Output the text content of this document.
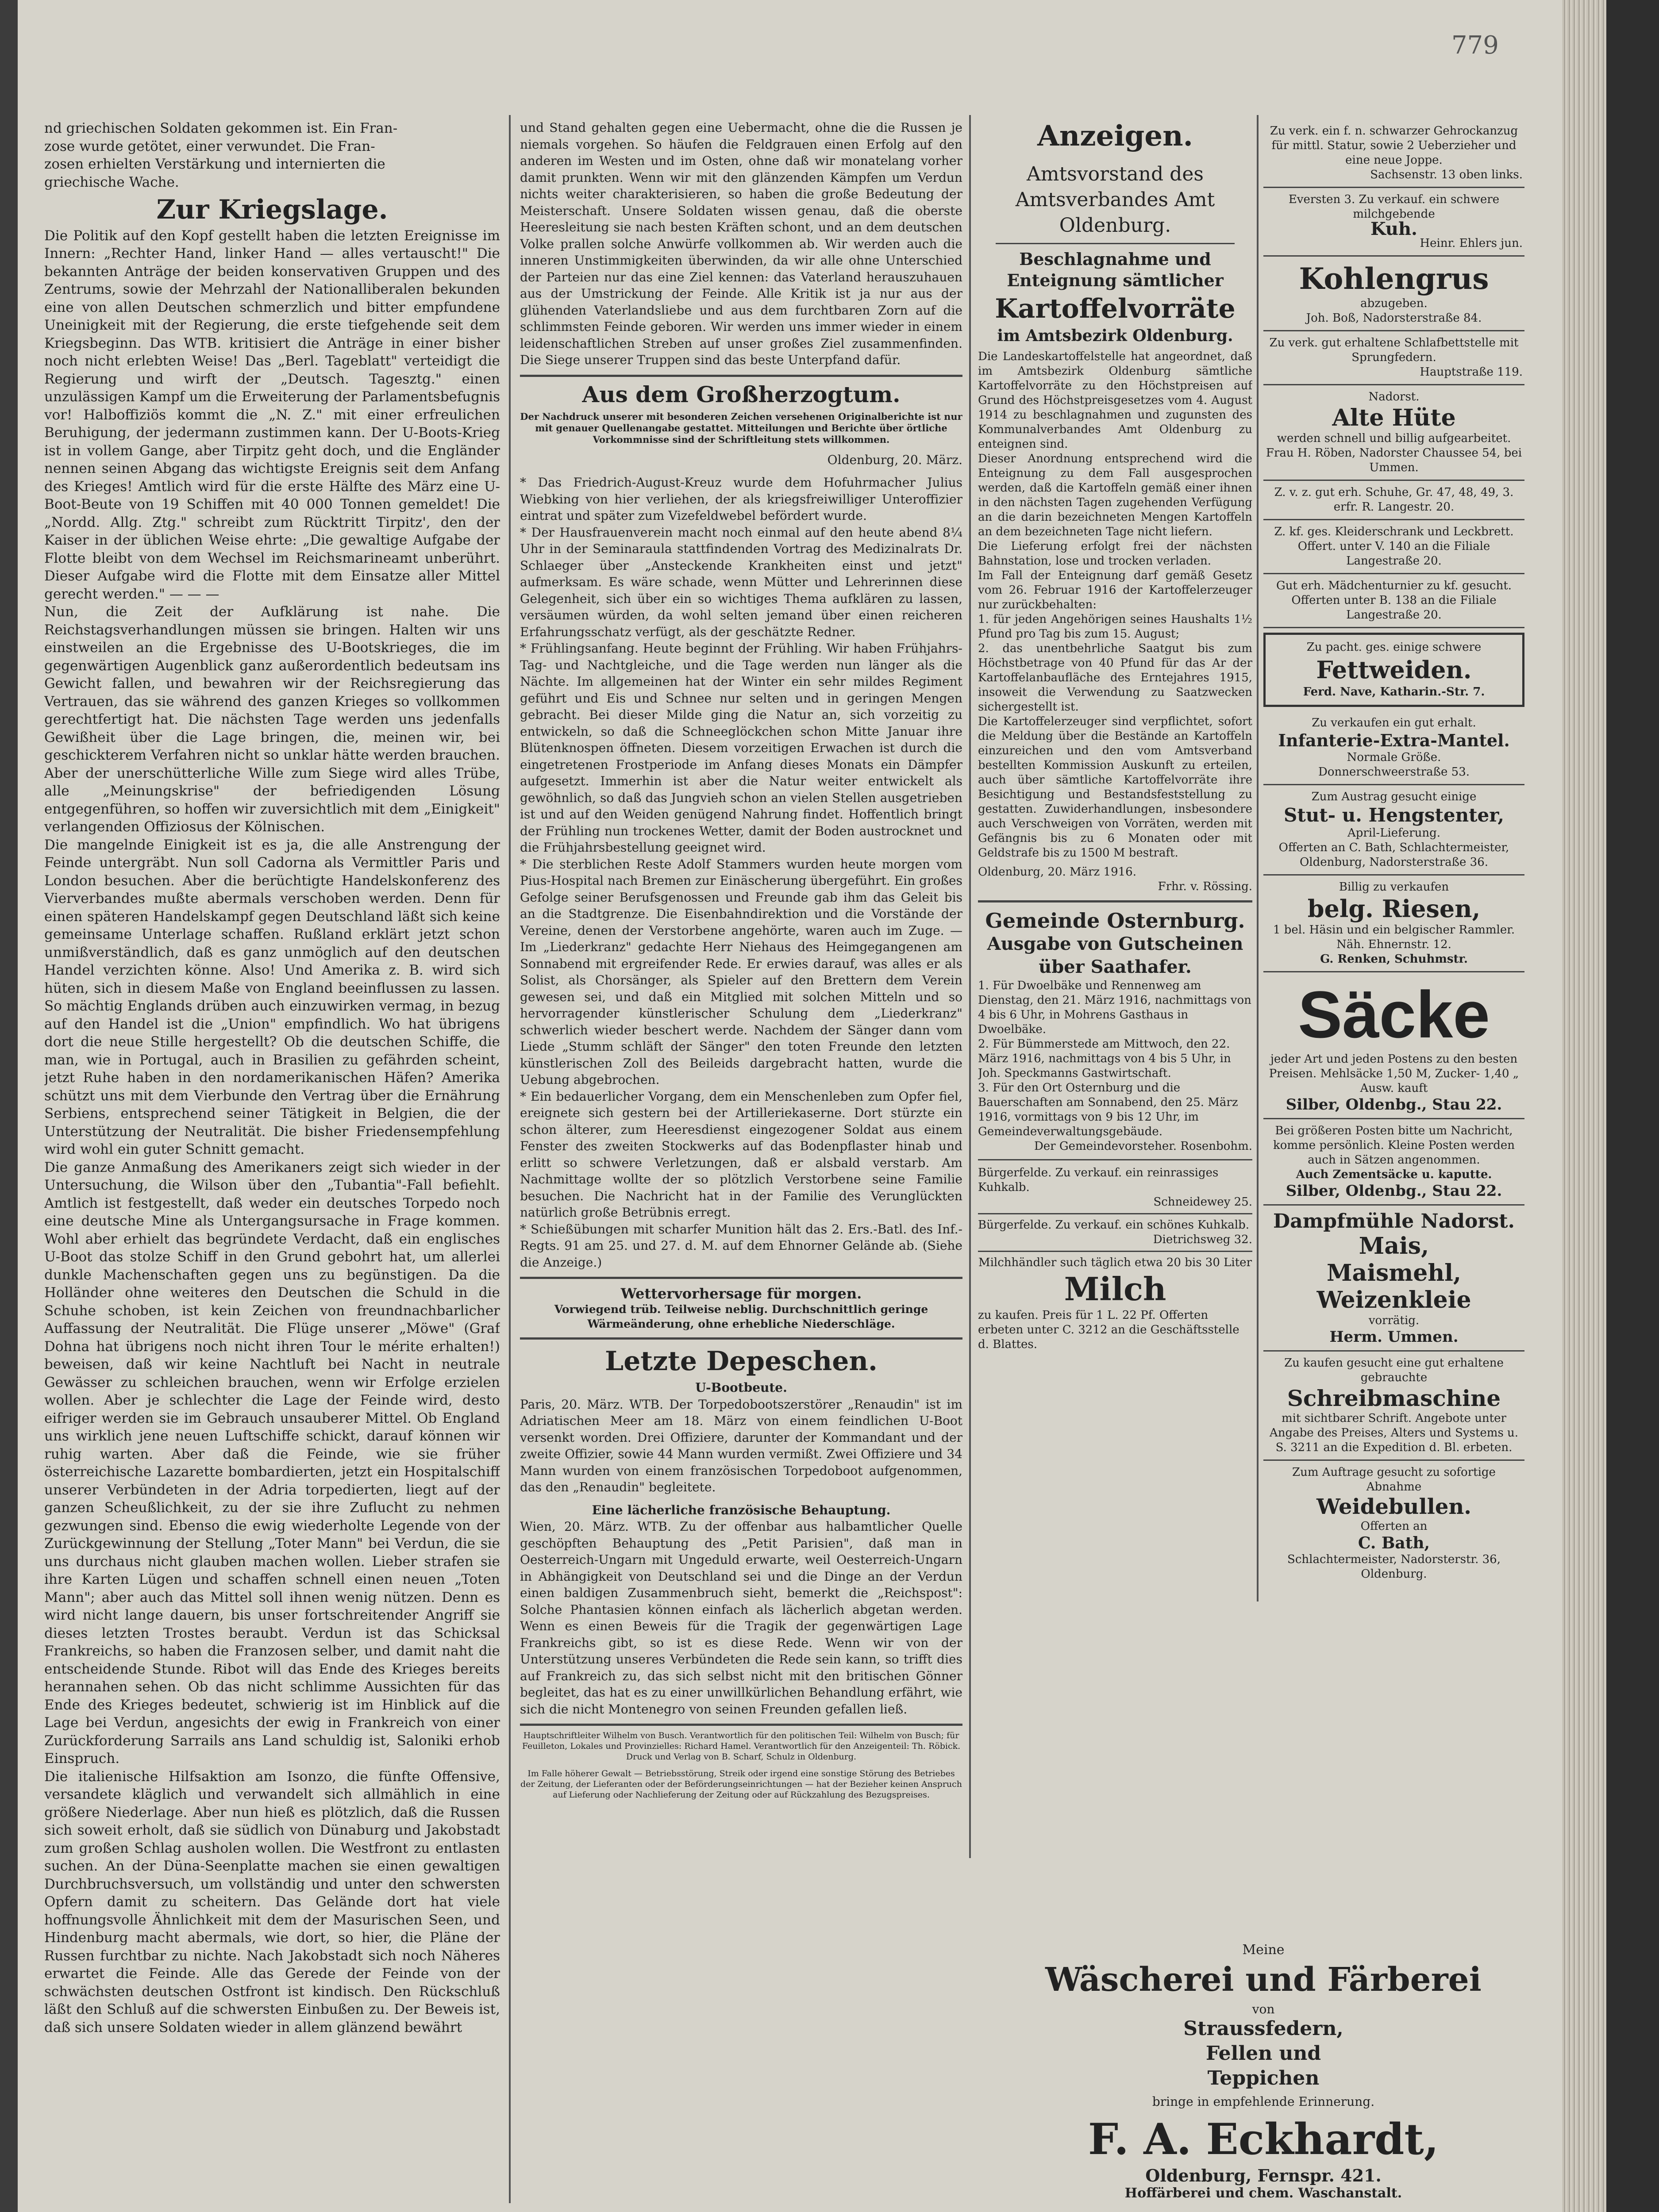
779

nd griechischen Soldaten gekommen ist. Ein Fran-
zose wurde getötet, einer verwundet. Die Fran-
zosen erhielten Verstärkung und internierten die
griechische Wache.

Zur Kriegslage.
Die Politik auf den Kopf gestellt haben die letzten Ereignisse im Innern: „Rechter Hand, linker Hand — alles vertauscht!" Die bekannten Anträge der beiden konservativen Gruppen und des Zentrums, sowie der Mehrzahl der Nationalliberalen bekunden eine von allen Deutschen schmerzlich und bitter empfundene Uneinigkeit mit der Regierung, die erste tiefgehende seit dem Kriegsbeginn. Das WTB. kritisiert die Anträge in einer bisher noch nicht erlebten Weise! Das „Berl. Tageblatt" verteidigt die Regierung und wirft der „Deutsch. Tagesztg." einen unzulässigen Kampf um die Erweiterung der Parlamentsbefugnis vor! Halboffiziös kommt die „N. Z." mit einer erfreulichen Beruhigung, der jedermann zustimmen kann. Der U-Boots-Krieg ist in vollem Gange, aber Tirpitz geht doch, und die Engländer nennen seinen Abgang das wichtigste Ereignis seit dem Anfang des Krieges! Amtlich wird für die erste Hälfte des März eine U-Boot-Beute von 19 Schiffen mit 40 000 Tonnen gemeldet! Die „Nordd. Allg. Ztg." schreibt zum Rücktritt Tirpitz', den der Kaiser in der üblichen Weise ehrte: „Die gewaltige Aufgabe der Flotte bleibt von dem Wechsel im Reichsmarineamt unberührt. Dieser Aufgabe wird die Flotte mit dem Einsatze aller Mittel gerecht werden." — — —
Nun, die Zeit der Aufklärung ist nahe. Die Reichstagsverhandlungen müssen sie bringen. Halten wir uns einstweilen an die Ergebnisse des U-Bootskrieges, die im gegenwärtigen Augenblick ganz außerordentlich bedeutsam ins Gewicht fallen, und bewahren wir der Reichsregierung das Vertrauen, das sie während des ganzen Krieges so vollkommen gerechtfertigt hat. Die nächsten Tage werden uns jedenfalls Gewißheit über die Lage bringen, die, meinen wir, bei geschickterem Verfahren nicht so unklar hätte werden brauchen. Aber der unerschütterliche Wille zum Siege wird alles Trübe, alle „Meinungskrise" der befriedigenden Lösung entgegenführen, so hoffen wir zuversichtlich mit dem „Einigkeit" verlangenden Offiziosus der Kölnischen.
Die mangelnde Einigkeit ist es ja, die alle Anstrengung der Feinde untergräbt. Nun soll Cadorna als Vermittler Paris und London besuchen. Aber die berüchtigte Handelskonferenz des Vierverbandes mußte abermals verschoben werden. Denn für einen späteren Handelskampf gegen Deutschland läßt sich keine gemeinsame Unterlage schaffen. Rußland erklärt jetzt schon unmißverständlich, daß es ganz unmöglich auf den deutschen Handel verzichten könne. Also! Und Amerika z. B. wird sich hüten, sich in diesem Maße von England beeinflussen zu lassen. So mächtig Englands drüben auch einzuwirken vermag, in bezug auf den Handel ist die „Union" empfindlich. Wo hat übrigens dort die neue Stille hergestellt? Ob die deutschen Schiffe, die man, wie in Portugal, auch in Brasilien zu gefährden scheint, jetzt Ruhe haben in den nordamerikanischen Häfen? Amerika schützt uns mit dem Vierbunde den Vertrag über die Ernährung Serbiens, entsprechend seiner Tätigkeit in Belgien, die der Unterstützung der Neutralität. Die bisher Friedensempfehlung wird wohl ein guter Schnitt gemacht.
Die ganze Anmaßung des Amerikaners zeigt sich wieder in der Untersuchung, die Wilson über den „Tubantia"-Fall befiehlt. Amtlich ist festgestellt, daß weder ein deutsches Torpedo noch eine deutsche Mine als Untergangsursache in Frage kommen. Wohl aber erhielt das begründete Verdacht, daß ein englisches U-Boot das stolze Schiff in den Grund gebohrt hat, um allerlei dunkle Machenschaften gegen uns zu begünstigen. Da die Holländer ohne weiteres den Deutschen die Schuld in die Schuhe schoben, ist kein Zeichen von freundnachbarlicher Auffassung der Neutralität. Die Flüge unserer „Möwe" (Graf Dohna hat übrigens noch nicht ihren Tour le mérite erhalten!) beweisen, daß wir keine Nachtluft bei Nacht in neutrale Gewässer zu schleichen brauchen, wenn wir Erfolge erzielen wollen. Aber je schlechter die Lage der Feinde wird, desto eifriger werden sie im Gebrauch unsauberer Mittel. Ob England uns wirklich jene neuen Luftschiffe schickt, darauf können wir ruhig warten. Aber daß die Feinde, wie sie früher österreichische Lazarette bombardierten, jetzt ein Hospitalschiff unserer Verbündeten in der Adria torpedierten, liegt auf der ganzen Scheußlichkeit, zu der sie ihre Zuflucht zu nehmen gezwungen sind. Ebenso die ewig wiederholte Legende von der Zurückgewinnung der Stellung „Toter Mann" bei Verdun, die sie uns durchaus nicht glauben machen wollen. Lieber strafen sie ihre Karten Lügen und schaffen schnell einen neuen „Toten Mann"; aber auch das Mittel soll ihnen wenig nützen. Denn es wird nicht lange dauern, bis unser fortschreitender Angriff sie dieses letzten Trostes beraubt. Verdun ist das Schicksal Frankreichs, so haben die Franzosen selber, und damit naht die entscheidende Stunde. Ribot will das Ende des Krieges bereits herannahen sehen. Ob das nicht schlimme Aussichten für das Ende des Krieges bedeutet, schwierig ist im Hinblick auf die Lage bei Verdun, angesichts der ewig in Frankreich von einer Zurückforderung Sarrails ans Land schuldig ist, Saloniki erhob Einspruch.
Die italienische Hilfsaktion am Isonzo, die fünfte Offensive, versandete kläglich und verwandelt sich allmählich in eine größere Niederlage. Aber nun hieß es plötzlich, daß die Russen sich soweit erholt, daß sie südlich von Dünaburg und Jakobstadt zum großen Schlag ausholen wollen. Die Westfront zu entlasten suchen. An der Düna-Seenplatte machen sie einen gewaltigen Durchbruchsversuch, um vollständig und unter den schwersten Opfern damit zu scheitern. Das Gelände dort hat viele hoffnungsvolle Ähnlichkeit mit dem der Masurischen Seen, und Hindenburg macht abermals, wie dort, so hier, die Pläne der Russen furchtbar zu nichte. Nach Jakobstadt sich noch Näheres erwartet die Feinde. Alle das Gerede der Feinde von der schwächsten deutschen Ostfront ist kindisch. Den Rückschluß läßt den Schluß auf die schwersten Einbußen zu. Der Beweis ist, daß sich unsere Soldaten wieder in allem glänzend bewährt

und Stand gehalten gegen eine Uebermacht, ohne die die Russen je niemals vorgehen. So häufen die Feldgrauen einen Erfolg auf den anderen im Westen und im Osten, ohne daß wir monatelang vorher damit prunkten. Wenn wir mit den glänzenden Kämpfen um Verdun nichts weiter charakterisieren, so haben die große Bedeutung der Meisterschaft. Unsere Soldaten wissen genau, daß die oberste Heeresleitung sie nach besten Kräften schont, und an dem deutschen Volke prallen solche Anwürfe vollkommen ab. Wir werden auch die inneren Unstimmigkeiten überwinden, da wir alle ohne Unterschied der Parteien nur das eine Ziel kennen: das Vaterland herauszuhauen aus der Umstrickung der Feinde. Alle Kritik ist ja nur aus der glühenden Vaterlandsliebe und aus dem furchtbaren Zorn auf die schlimmsten Feinde geboren. Wir werden uns immer wieder in einem leidenschaftlichen Streben auf unser großes Ziel zusammenfinden. Die Siege unserer Truppen sind das beste Unterpfand dafür.

Aus dem Großherzogtum.

Der Nachdruck unserer mit besonderen Zeichen versehenen Originalberichte ist nur mit genauer Quellenangabe gestattet. Mitteilungen und Berichte über örtliche Vorkommnisse sind der Schriftleitung stets willkommen.

Oldenburg, 20. März.

* Das Friedrich-August-Kreuz wurde dem Hofuhrmacher Julius Wiebking von hier verliehen, der als kriegsfreiwilliger Unteroffizier eintrat und später zum Vizefeldwebel befördert wurde.
* Der Hausfrauenverein macht noch einmal auf den heute abend 8¼ Uhr in der Seminaraula stattfindenden Vortrag des Medizinalrats Dr. Schlaeger über „Ansteckende Krankheiten einst und jetzt" aufmerksam. Es wäre schade, wenn Mütter und Lehrerinnen diese Gelegenheit, sich über ein so wichtiges Thema aufklären zu lassen, versäumen würden, da wohl selten jemand über einen reicheren Erfahrungsschatz verfügt, als der geschätzte Redner.
* Frühlingsanfang. Heute beginnt der Frühling. Wir haben Frühjahrs-Tag- und Nachtgleiche, und die Tage werden nun länger als die Nächte. Im allgemeinen hat der Winter ein sehr mildes Regiment geführt und Eis und Schnee nur selten und in geringen Mengen gebracht. Bei dieser Milde ging die Natur an, sich vorzeitig zu entwickeln, so daß die Schneeglöckchen schon Mitte Januar ihre Blütenknospen öffneten. Diesem vorzeitigen Erwachen ist durch die eingetretenen Frostperiode im Anfang dieses Monats ein Dämpfer aufgesetzt. Immerhin ist aber die Natur weiter entwickelt als gewöhnlich, so daß das Jungvieh schon an vielen Stellen ausgetrieben ist und auf den Weiden genügend Nahrung findet. Hoffentlich bringt der Frühling nun trockenes Wetter, damit der Boden austrocknet und die Frühjahrsbestellung geeignet wird.
* Die sterblichen Reste Adolf Stammers wurden heute morgen vom Pius-Hospital nach Bremen zur Einäscherung übergeführt. Ein großes Gefolge seiner Berufsgenossen und Freunde gab ihm das Geleit bis an die Stadtgrenze. Die Eisenbahndirektion und die Vorstände der Vereine, denen der Verstorbene angehörte, waren auch im Zuge. — Im „Liederkranz" gedachte Herr Niehaus des Heimgegangenen am Sonnabend mit ergreifender Rede. Er erwies darauf, was alles er als Solist, als Chorsänger, als Spieler auf den Brettern dem Verein gewesen sei, und daß ein Mitglied mit solchen Mitteln und so hervorragender künstlerischer Schulung dem „Liederkranz" schwerlich wieder beschert werde. Nachdem der Sänger dann vom Liede „Stumm schläft der Sänger" den toten Freunde den letzten künstlerischen Zoll des Beileids dargebracht hatten, wurde die Uebung abgebrochen.
* Ein bedauerlicher Vorgang, dem ein Menschenleben zum Opfer fiel, ereignete sich gestern bei der Artilleriekaserne. Dort stürzte ein schon älterer, zum Heeresdienst eingezogener Soldat aus einem Fenster des zweiten Stockwerks auf das Bodenpflaster hinab und erlitt so schwere Verletzungen, daß er alsbald verstarb. Am Nachmittage wollte der so plötzlich Verstorbene seine Familie besuchen. Die Nachricht hat in der Familie des Verunglückten natürlich große Betrübnis erregt.
* Schießübungen mit scharfer Munition hält das 2. Ers.-Batl. des Inf.-Regts. 91 am 25. und 27. d. M. auf dem Ehnorner Gelände ab. (Siehe die Anzeige.)
Wettervorhersage für morgen.

Vorwiegend trüb. Teilweise neblig. Durchschnittlich geringe Wärmeänderung, ohne erhebliche Niederschläge.

Letzte Depeschen.
U-Bootbeute.

Paris, 20. März. WTB. Der Torpedobootszerstörer „Renaudin" ist im Adriatischen Meer am 18. März von einem feindlichen U-Boot versenkt worden. Drei Offiziere, darunter der Kommandant und der zweite Offizier, sowie 44 Mann wurden vermißt. Zwei Offiziere und 34 Mann wurden von einem französischen Torpedoboot aufgenommen, das den „Renaudin" begleitete.

Eine lächerliche französische Behauptung.

Wien, 20. März. WTB. Zu der offenbar aus halbamtlicher Quelle geschöpften Behauptung des „Petit Parisien", daß man in Oesterreich-Ungarn mit Ungeduld erwarte, weil Oesterreich-Ungarn in Abhängigkeit von Deutschland sei und die Dinge an der Verdun einen baldigen Zusammenbruch sieht, bemerkt die „Reichspost": Solche Phantasien können einfach als lächerlich abgetan werden. Wenn es einen Beweis für die Tragik der gegenwärtigen Lage Frankreichs gibt, so ist es diese Rede. Wenn wir von der Unterstützung unseres Verbündeten die Rede sein kann, so trifft dies auf Frankreich zu, das sich selbst nicht mit den britischen Gönner begleitet, das hat es zu einer unwillkürlichen Behandlung erfährt, wie sich die nicht Montenegro von seinen Freunden gefallen ließ.

Hauptschriftleiter Wilhelm von Busch. Verantwortlich für den politischen Teil: Wilhelm von Busch; für Feuilleton, Lokales und Provinzielles: Richard Hamel. Verantwortlich für den Anzeigenteil: Th. Röbick. Druck und Verlag von B. Scharf, Schulz in Oldenburg.

Im Falle höherer Gewalt — Betriebsstörung, Streik oder irgend eine sonstige Störung des Betriebes der Zeitung, der Lieferanten oder der Beförderungseinrichtungen — hat der Bezieher keinen Anspruch auf Lieferung oder Nachlieferung der Zeitung oder auf Rückzahlung des Bezugspreises.

Anzeigen.
Amtsvorstand des Amtsverbandes Amt Oldenburg.
Beschlagnahme und Enteignung sämtlicher
Kartoffelvorräte
im Amtsbezirk Oldenburg.
Die Landeskartoffelstelle hat angeordnet, daß im Amtsbezirk Oldenburg sämtliche Kartoffelvorräte zu den Höchstpreisen auf Grund des Höchstpreisgesetzes vom 4. August 1914 zu beschlagnahmen und zugunsten des Kommunalverbandes Amt Oldenburg zu enteignen sind.
Dieser Anordnung entsprechend wird die Enteignung zu dem Fall ausgesprochen werden, daß die Kartoffeln gemäß einer ihnen in den nächsten Tagen zugehenden Verfügung an die darin bezeichneten Mengen Kartoffeln an dem bezeichneten Tage nicht liefern.
Die Lieferung erfolgt frei der nächsten Bahnstation, lose und trocken verladen.
Im Fall der Enteignung darf gemäß Gesetz vom 26. Februar 1916 der Kartoffelerzeuger nur zurückbehalten:
1. für jeden Angehörigen seines Haushalts 1½ Pfund pro Tag bis zum 15. August;
2. das unentbehrliche Saatgut bis zum Höchstbetrage von 40 Pfund für das Ar der Kartoffelanbaufläche des Erntejahres 1915, insoweit die Verwendung zu Saatzwecken sichergestellt ist.
Die Kartoffelerzeuger sind verpflichtet, sofort die Meldung über die Bestände an Kartoffeln einzureichen und den vom Amtsverband bestellten Kommission Auskunft zu erteilen, auch über sämtliche Kartoffelvorräte ihre Besichtigung und Bestandsfeststellung zu gestatten. Zuwiderhandlungen, insbesondere auch Verschweigen von Vorräten, werden mit Gefängnis bis zu 6 Monaten oder mit Geldstrafe bis zu 1500 M bestraft.
Oldenburg, 20. März 1916.
Frhr. v. Rössing.
Gemeinde Osternburg.
Ausgabe von Gutscheinen über Saathafer.
1. Für Dwoelbäke und Rennenweg am Dienstag, den 21. März 1916, nachmittags von 4 bis 6 Uhr, in Mohrens Gasthaus in Dwoelbäke.
2. Für Bümmerstede am Mittwoch, den 22. März 1916, nachmittags von 4 bis 5 Uhr, in Joh. Speckmanns Gastwirtschaft.
3. Für den Ort Osternburg und die Bauerschaften am Sonnabend, den 25. März 1916, vormittags von 9 bis 12 Uhr, im Gemeindeverwaltungsgebäude.
Der Gemeindevorsteher. Rosenbohm.
Bürgerfelde. Zu verkauf. ein reinrassiges Kuhkalb.
Schneidewey 25.
Bürgerfelde. Zu verkauf. ein schönes Kuhkalb.
Dietrichsweg 32.
Milchhändler such täglich etwa 20 bis 30 Liter
Milch
zu kaufen. Preis für 1 L. 22 Pf. Offerten erbeten unter C. 3212 an die Geschäftsstelle d. Blattes.
Meine
Wäscherei und Färberei
von
Straussfedern, Fellen und Teppichen
bringe in empfehlende Erinnerung.
F. A. Eckhardt,
Oldenburg, Fernspr. 421.
Hoffärberei und chem. Waschanstalt.
Zu verk. ein f. n. schwarzer Gehrockanzug für mittl. Statur, sowie 2 Ueberzieher und eine neue Joppe.
Sachsenstr. 13 oben links.
Eversten 3. Zu verkauf. ein schwere milchgebende
Kuh.
Heinr. Ehlers jun.
Kohlengrus
abzugeben.
Joh. Boß, Nadorsterstraße 84.
Zu verk. gut erhaltene Schlafbettstelle mit Sprungfedern.
Hauptstraße 119.
Nadorst.
Alte Hüte
werden schnell und billig aufgearbeitet. Frau H. Röben, Nadorster Chaussee 54, bei Ummen.
Z. v. z. gut erh. Schuhe, Gr. 47, 48, 49, 3. erfr. R. Langestr. 20.
Z. kf. ges. Kleiderschrank und Leckbrett. Offert. unter V. 140 an die Filiale Langestraße 20.
Gut erh. Mädchenturnier zu kf. gesucht. Offerten unter B. 138 an die Filiale Langestraße 20.
Zu pacht. ges. einige schwere
Fettweiden.
Ferd. Nave, Katharin.-Str. 7.
Zu verkaufen ein gut erhalt.
Infanterie-Extra-Mantel.
Normale Größe.
Donnerschweerstraße 53.
Zum Austrag gesucht einige
Stut- u. Hengstenter,
April-Lieferung.
Offerten an C. Bath, Schlachtermeister, Oldenburg, Nadorsterstraße 36.
Billig zu verkaufen
belg. Riesen,
1 bel. Häsin und ein belgischer Rammler. Näh. Ehnernstr. 12.
G. Renken, Schuhmstr.
Säcke
jeder Art und jeden Postens zu den besten Preisen. Mehlsäcke 1,50 M, Zucker- 1,40 „ Ausw. kauft
Silber, Oldenbg., Stau 22.
Bei größeren Posten bitte um Nachricht, komme persönlich. Kleine Posten werden auch in Sätzen angenommen.
Auch Zementsäcke u. kaputte.
Silber, Oldenbg., Stau 22.
Dampfmühle Nadorst.
Mais,
Maismehl,
Weizenkleie
vorrätig.
Herm. Ummen.
Zu kaufen gesucht eine gut erhaltene gebrauchte
Schreibmaschine
mit sichtbarer Schrift. Angebote unter Angabe des Preises, Alters und Systems u. S. 3211 an die Expedition d. Bl. erbeten.
Zum Auftrage gesucht zu sofortige Abnahme
Weidebullen.
Offerten an
C. Bath,
Schlachtermeister, Nadorsterstr. 36, Oldenburg.
